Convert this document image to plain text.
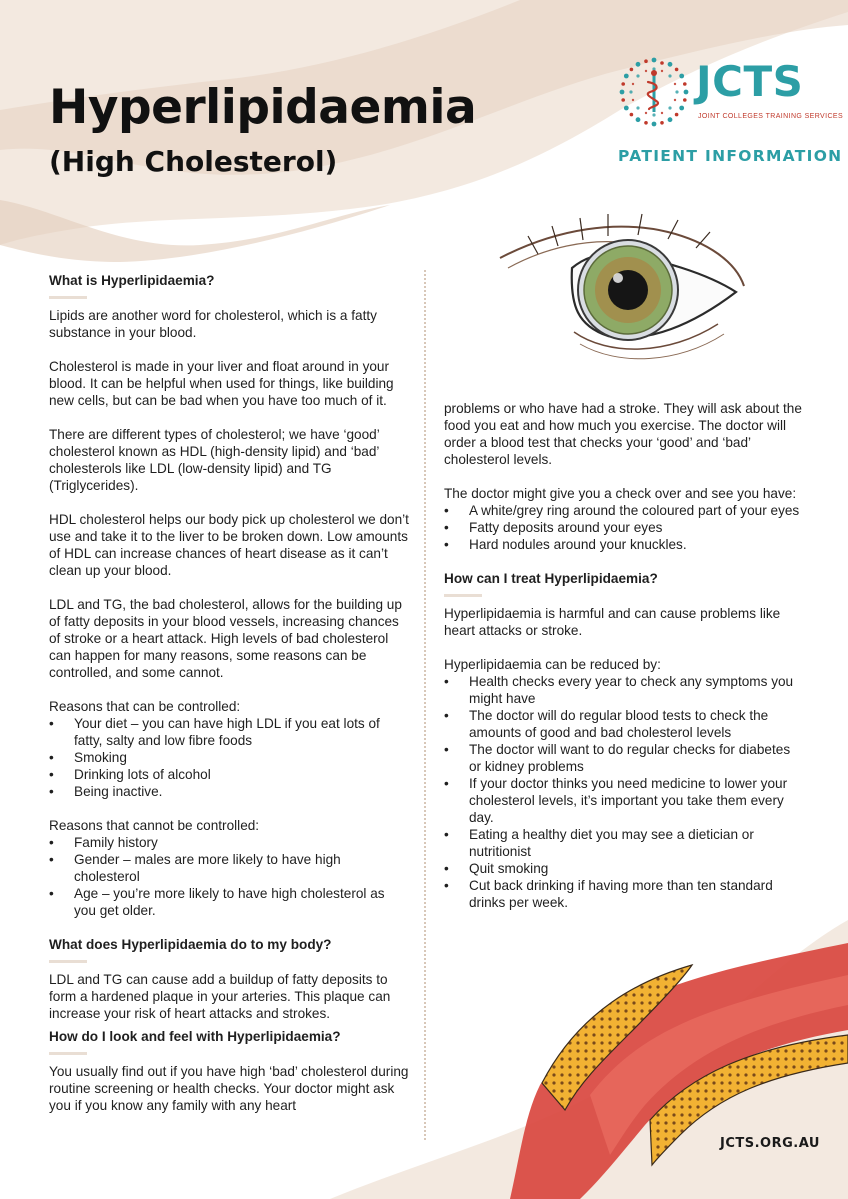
Hyperlipidaemia
(High Cholesterol)

JCTS

JOINT COLLEGES TRAINING SERVICES

PATIENT INFORMATION

What is Hyperlipidaemia?

Lipids are another word for cholesterol, which is a fatty substance in your blood.

Cholesterol is made in your liver and float around in your blood. It can be helpful when used for things, like building new cells, but can be bad when you have too much of it.

There are different types of cholesterol; we have ‘good’ cholesterol known as HDL (high-density lipid) and ‘bad’ cholesterols like LDL (low-density lipid) and TG (Triglycerides).

HDL cholesterol helps our body pick up cholesterol we don’t use and take it to the liver to be broken down. Low amounts of HDL can increase chances of heart disease as it can’t clean up your blood.

LDL and TG, the bad cholesterol, allows for the building up of fatty deposits in your blood vessels, increasing chances of stroke or a heart attack. High levels of bad cholesterol can happen for many reasons, some reasons can be controlled, and some cannot.

Reasons that can be controlled:

• Your diet – you can have high LDL if you eat lots of fatty, salty and low fibre foods
• Smoking
• Drinking lots of alcohol
• Being inactive.

Reasons that cannot be controlled:

• Family history
• Gender – males are more likely to have high cholesterol
• Age – you’re more likely to have high cholesterol as you get older.
What does Hyperlipidaemia do to my body?

LDL and TG can cause add a buildup of fatty deposits to form a hardened plaque in your arteries. This plaque can increase your risk of heart attacks and strokes.

How do I look and feel with Hyperlipidaemia?

You usually find out if you have high ‘bad’ cholesterol during routine screening or health checks. Your doctor might ask you if you know any family with any heart

problems or who have had a stroke. They will ask about the food you eat and how much you exercise. The doctor will order a blood test that checks your ‘good’ and ‘bad’ cholesterol levels.

The doctor might give you a check over and see you have:

• A white/grey ring around the coloured part of your eyes
• Fatty deposits around your eyes
• Hard nodules around your knuckles.
How can I treat Hyperlipidaemia?

Hyperlipidaemia is harmful and can cause problems like heart attacks or stroke.

Hyperlipidaemia can be reduced by:

• Health checks every year to check any symptoms you might have
• The doctor will do regular blood tests to check the amounts of good and bad cholesterol levels
• The doctor will want to do regular checks for diabetes or kidney problems
• If your doctor thinks you need medicine to lower your cholesterol levels, it’s important you take them every day.
• Eating a healthy diet you may see a dietician or nutritionist
• Quit smoking
• Cut back drinking if having more than ten standard drinks per week.

JCTS.ORG.AU
